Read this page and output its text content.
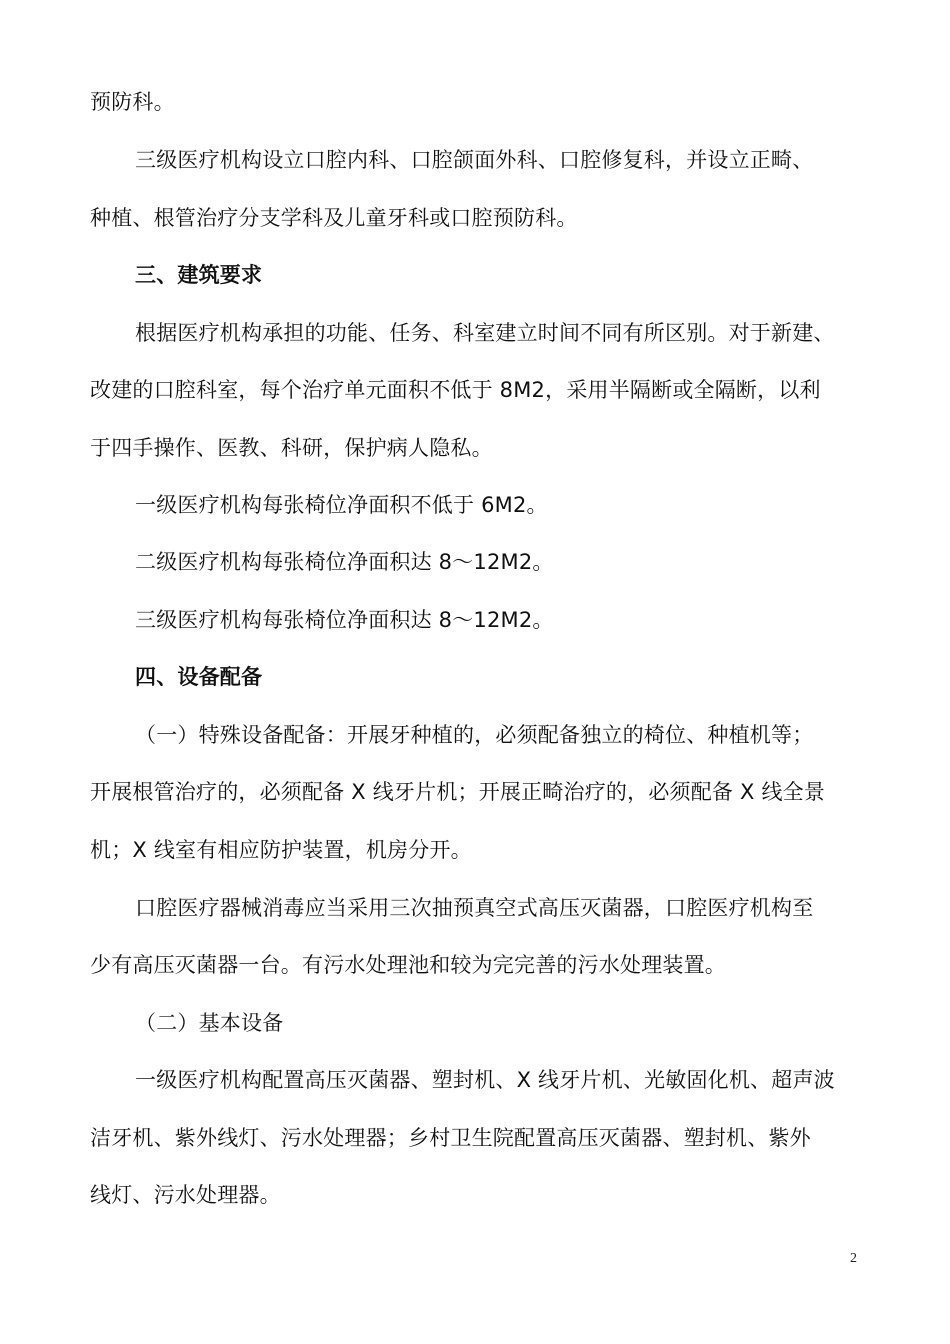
预防科。
三级医疗机构设立口腔内科、口腔颌面外科、口腔修复科，并设立正畸、
种植、根管治疗分支学科及儿童牙科或口腔预防科。
三、建筑要求
根据医疗机构承担的功能、任务、科室建立时间不同有所区别。对于新建、
改建的口腔科室，每个治疗单元面积不低于 8M2，采用半隔断或全隔断，以利
于四手操作、医教、科研，保护病人隐私。
一级医疗机构每张椅位净面积不低于 6M2。
二级医疗机构每张椅位净面积达 8～12M2。
三级医疗机构每张椅位净面积达 8～12M2。
四、设备配备
（一）特殊设备配备：开展牙种植的，必须配备独立的椅位、种植机等；
开展根管治疗的，必须配备 X 线牙片机；开展正畸治疗的，必须配备 X 线全景
机；X 线室有相应防护装置，机房分开。
口腔医疗器械消毒应当采用三次抽预真空式高压灭菌器，口腔医疗机构至
少有高压灭菌器一台。有污水处理池和较为完完善的污水处理装置。
（二）基本设备
一级医疗机构配置高压灭菌器、塑封机、X 线牙片机、光敏固化机、超声波
洁牙机、紫外线灯、污水处理器；乡村卫生院配置高压灭菌器、塑封机、紫外
线灯、污水处理器。
2
